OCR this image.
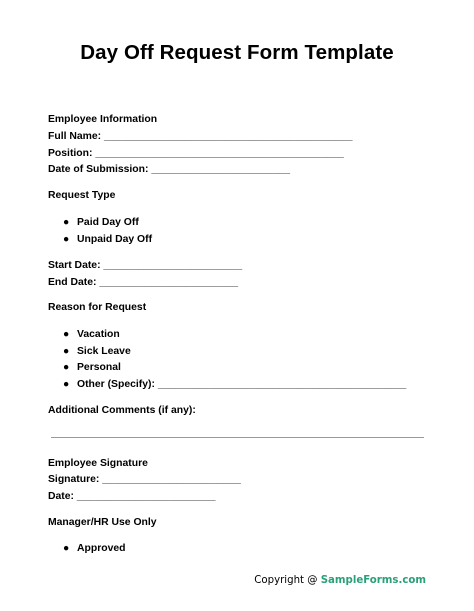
Day Off Request Form Template
Employee Information
Full Name: ___________________________________________
Position: ___________________________________________
Date of Submission: ________________________
Request Type
● Paid Day Off
● Unpaid Day Off
Start Date: ________________________
End Date: ________________________
Reason for Request
● Vacation
● Sick Leave
● Personal
● Other (Specify): ___________________________________________
Additional Comments (if any):
Employee Signature
Signature: ________________________
Date: ________________________
Manager/HR Use Only
● Approved
Copyright @ SampleForms.com
